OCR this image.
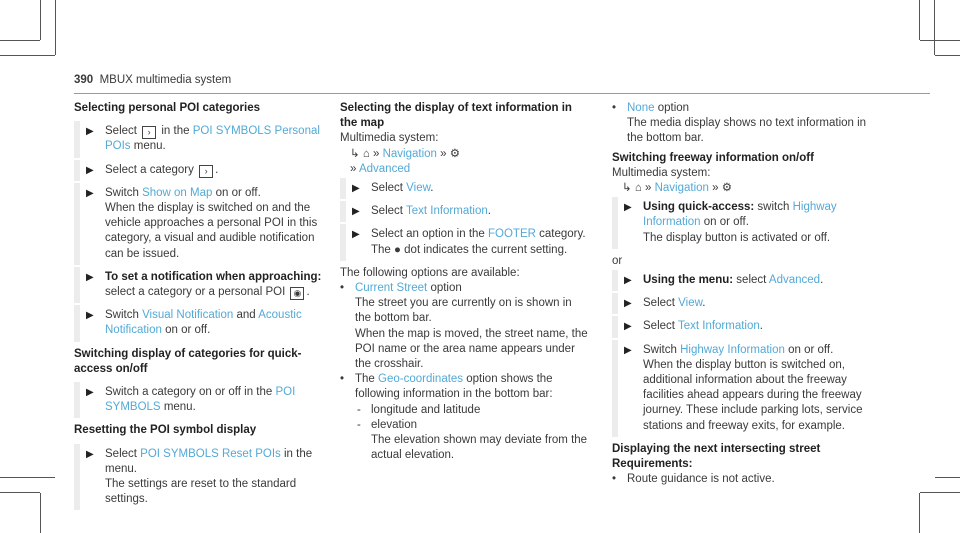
390 MBUX multimedia system
Selecting personal POI categories
▶ Select › in the POI SYMBOLS Personal POIs menu.
▶ Select a category › .
▶ Switch Show on Map on or off.
When the display is switched on and the vehicle approaches a personal POI in this category, a visual and audible notification can be issued.
▶ To set a notification when approaching:
select a category or a personal POI ◉ .
▶ Switch Visual Notification and Acoustic Notification on or off.
Switching display of categories for quick-access on/off
▶ Switch a category on or off in the POI SYMBOLS menu.
Resetting the POI symbol display
▶ Select POI SYMBOLS Reset POIs in the menu.
The settings are reset to the standard settings.
Selecting the display of text information in the map
Multimedia system:
↳ ⌂ » Navigation » ⚙
» Advanced
▶ Select View.
▶ Select Text Information.
▶ Select an option in the FOOTER category.
The ● dot indicates the current setting.
The following options are available:
• Current Street option
The street you are currently on is shown in the bottom bar.
When the map is moved, the street name, the POI name or the area name appears under the crosshair.
• The Geo-coordinates option shows the following information in the bottom bar:
- longitude and latitude
- elevation
The elevation shown may deviate from the actual elevation.
• None option
The media display shows no text information in the bottom bar.
Switching freeway information on/off
Multimedia system:
↳ ⌂ » Navigation » ⚙
▶ Using quick-access: switch Highway Information on or off.
The display button is activated or off.
or
▶ Using the menu: select Advanced.
▶ Select View.
▶ Select Text Information.
▶ Switch Highway Information on or off.
When the display button is switched on, additional information about the freeway facilities ahead appears during the freeway journey. These include parking lots, service stations and freeway exits, for example.
Displaying the next intersecting street
Requirements:
• Route guidance is not active.
